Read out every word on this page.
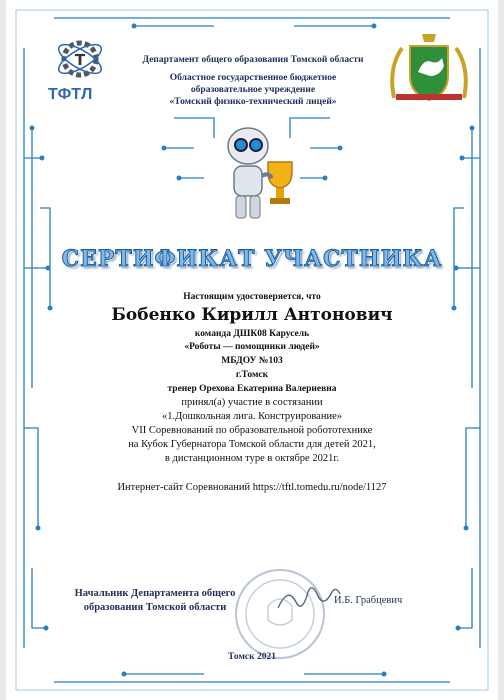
Т
ТФТЛ
Департамент общего образования Томской области
Областное государственное бюджетное
образовательное учреждение
«Томский физико-технический лицей»
СЕРТИФИКАТ УЧАСТНИКА
Настоящим удостоверяется, что
Бобенко Кирилл Антонович
команда ДШК08 Карусель
«Роботы — помощники людей»
МБДОУ №103
г.Томск
тренер Орехова Екатерина Валериевна
принял(а) участие в состязании
«1.Дошкольная лига. Конструирование»
VII Соревнований по образовательной робототехнике
на Кубок Губернатора Томской области для детей 2021,
в дистанционном туре в октябре 2021г.
Интернет-сайт Соревнований https://tftl.tomedu.ru/node/1127
Начальник Департамента общего
образования Томской области
И.Б. Грабцевич
Томск 2021
